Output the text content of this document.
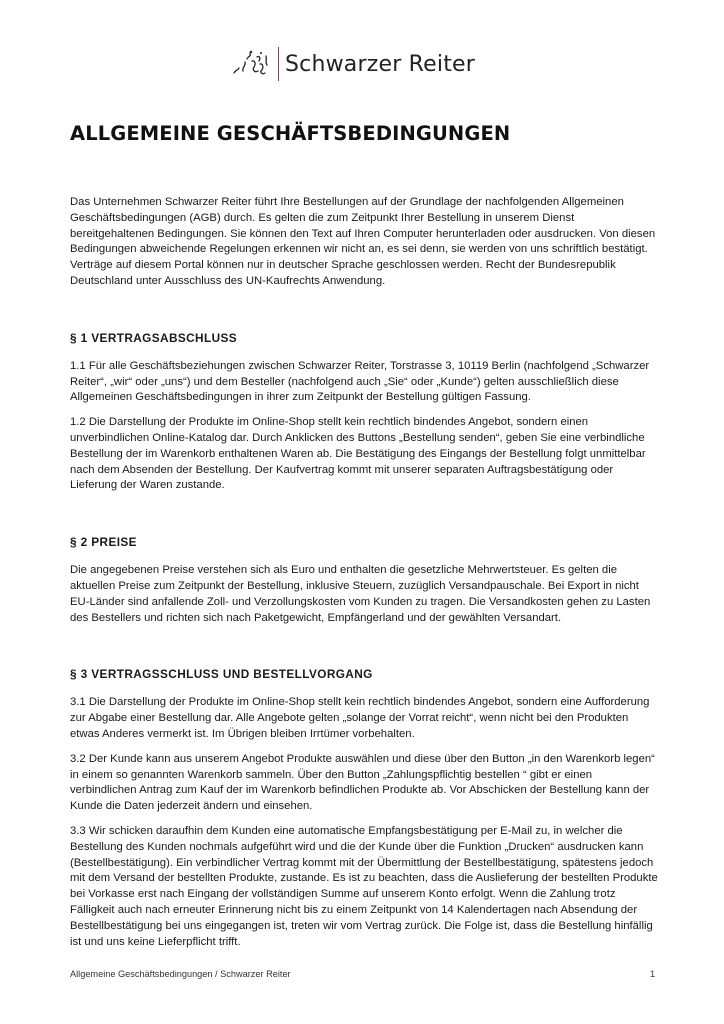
Schwarzer Reiter
ALLGEMEINE GESCHÄFTSBEDINGUNGEN

Das Unternehmen Schwarzer Reiter führt Ihre Bestellungen auf der Grundlage der nachfolgenden Allgemeinen Geschäftsbedingungen (AGB) durch. Es gelten die zum Zeitpunkt Ihrer Bestellung in unserem Dienst bereitgehaltenen Bedingungen. Sie können den Text auf Ihren Computer herunterladen oder ausdrucken. Von diesen Bedingungen abweichende Regelungen erkennen wir nicht an, es sei denn, sie werden von uns schriftlich bestätigt. Verträge auf diesem Portal können nur in deutscher Sprache geschlossen werden. Recht der Bundesrepublik Deutschland unter Ausschluss des UN-Kaufrechts Anwendung.

§ 1 VERTRAGSABSCHLUSS

1.1 Für alle Geschäftsbeziehungen zwischen Schwarzer Reiter, Torstrasse 3, 10119 Berlin (nachfolgend „Schwarzer Reiter“, „wir“ oder „uns“) und dem Besteller (nachfolgend auch „Sie“ oder „Kunde“) gelten ausschließlich diese Allgemeinen Geschäftsbedingungen in ihrer zum Zeitpunkt der Bestellung gültigen Fassung.

1.2 Die Darstellung der Produkte im Online-Shop stellt kein rechtlich bindendes Angebot, sondern einen unverbindlichen Online-Katalog dar. Durch Anklicken des Buttons „Bestellung senden“, geben Sie eine verbindliche Bestellung der im Warenkorb enthaltenen Waren ab. Die Bestätigung des Eingangs der Bestellung folgt unmittelbar nach dem Absenden der Bestellung. Der Kaufvertrag kommt mit unserer separaten Auftragsbestätigung oder Lieferung der Waren zustande.

§ 2 PREISE

Die angegebenen Preise verstehen sich als Euro und enthalten die gesetzliche Mehrwertsteuer. Es gelten die aktuellen Preise zum Zeitpunkt der Bestellung, inklusive Steuern, zuzüglich Versandpauschale. Bei Export in nicht EU-Länder sind anfallende Zoll- und Verzollungskosten vom Kunden zu tragen. Die Versandkosten gehen zu Lasten des Bestellers und richten sich nach Paketgewicht, Empfängerland und der gewählten Versandart.

§ 3 VERTRAGSSCHLUSS UND BESTELLVORGANG

3.1 Die Darstellung der Produkte im Online-Shop stellt kein rechtlich bindendes Angebot, sondern eine Aufforderung zur Abgabe einer Bestellung dar. Alle Angebote gelten „solange der Vorrat reicht“, wenn nicht bei den Produkten etwas Anderes vermerkt ist. Im Übrigen bleiben Irrtümer vorbehalten.

3.2 Der Kunde kann aus unserem Angebot Produkte auswählen und diese über den Button „in den Warenkorb legen“ in einem so genannten Warenkorb sammeln. Über den Button „Zahlungspflichtig bestellen “ gibt er einen verbindlichen Antrag zum Kauf der im Warenkorb befindlichen Produkte ab. Vor Abschicken der Bestellung kann der Kunde die Daten jederzeit ändern und einsehen.

3.3 Wir schicken daraufhin dem Kunden eine automatische Empfangsbestätigung per E-Mail zu, in welcher die Bestellung des Kunden nochmals aufgeführt wird und die der Kunde über die Funktion „Drucken“ ausdrucken kann (Bestellbestätigung). Ein verbindlicher Vertrag kommt mit der Übermittlung der Bestellbestätigung, spätestens jedoch mit dem Versand der bestellten Produkte, zustande. Es ist zu beachten, dass die Auslieferung der bestellten Produkte bei Vorkasse erst nach Eingang der vollständigen Summe auf unserem Konto erfolgt. Wenn die Zahlung trotz Fälligkeit auch nach erneuter Erinnerung nicht bis zu einem Zeitpunkt von 14 Kalendertagen nach Absendung der Bestellbestätigung bei uns eingegangen ist, treten wir vom Vertrag zurück. Die Folge ist, dass die Bestellung hinfällig ist und uns keine Lieferpflicht trifft.

Allgemeine Geschäftsbedingungen / Schwarzer Reiter	1
